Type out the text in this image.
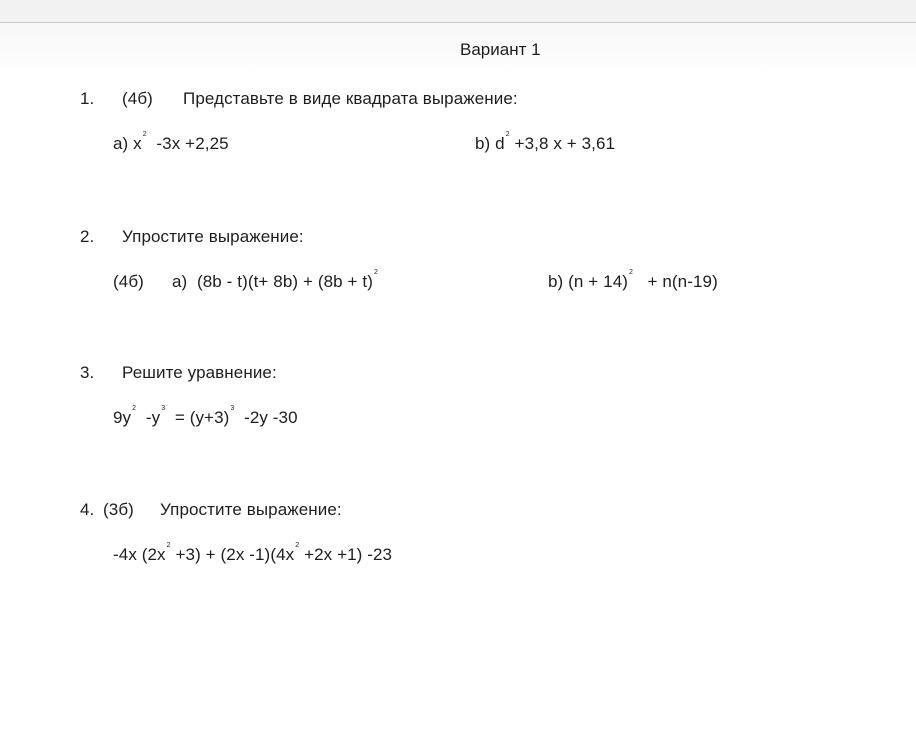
Вариант 1
1. (4б) Представьте в виде квадрата выражение:
a) $x^2$ -3x +2,25	b) $d^2 +3,8$ x + 3,61
2. Упростите выражение:
(4б) a) $(8b - t)(t+ 8b) + (8b + t)^2$	b) $(n + 14)^2 + n(n-19)$
3. Решите уравнение:
$9y^2$ $-y^3 = (y+3)^3$ -2y -30
4. (3б) Упростите выражение:
-4x $(2x^2 +3) + (2x$ $-1)(4x^2 +2x +1)$ -23
